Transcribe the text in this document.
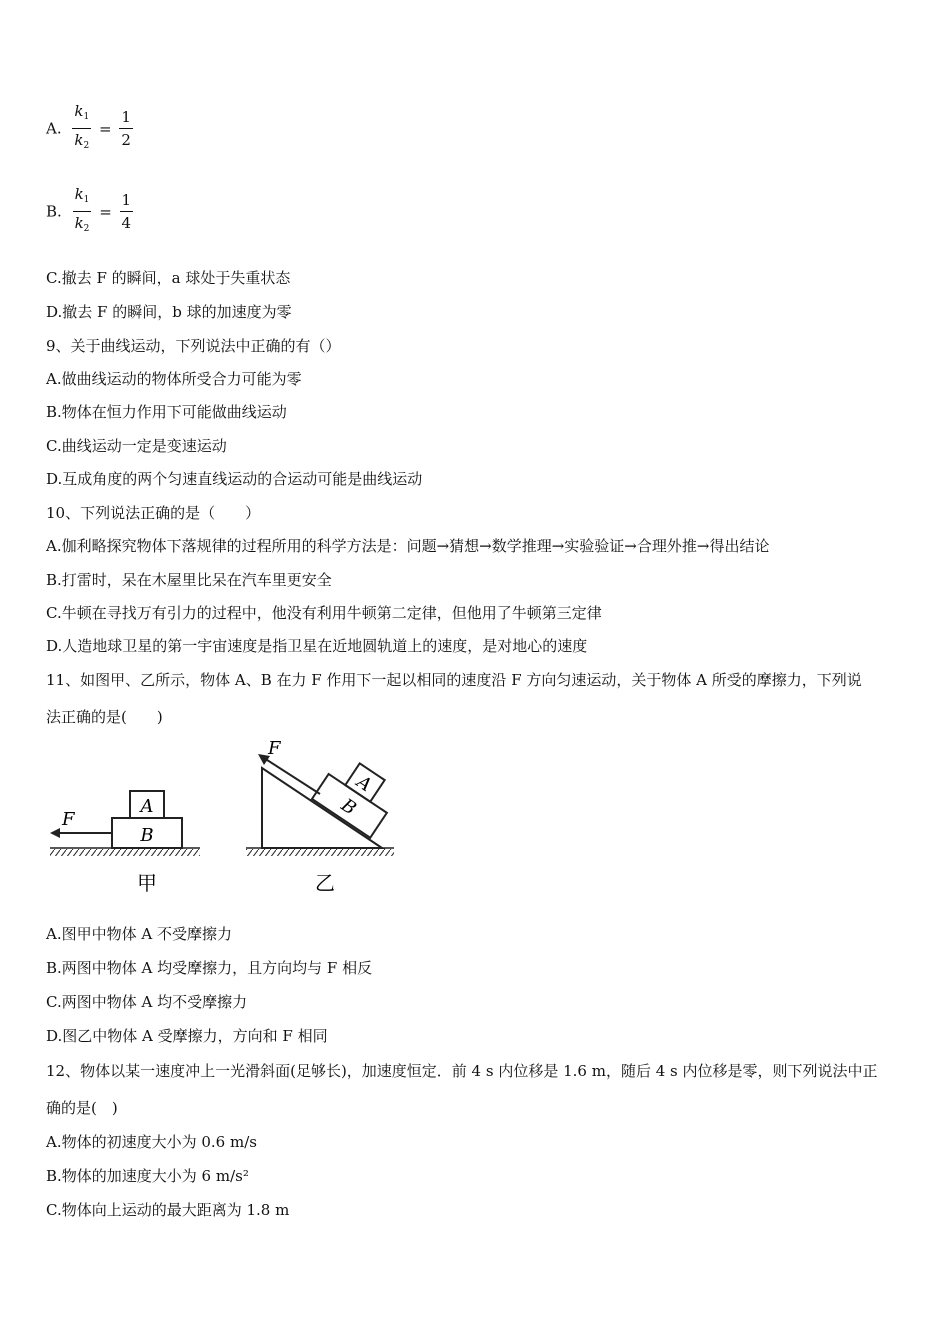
A. $\frac{k_1}{k_2} = \frac{1}{2}$
B. $\frac{k_1}{k_2} = \frac{1}{4}$
C.撤去 F 的瞬间，a 球处于失重状态
D.撤去 F 的瞬间，b 球的加速度为零
9、关于曲线运动，下列说法中正确的有（）
A.做曲线运动的物体所受合力可能为零
B.物体在恒力作用下可能做曲线运动
C.曲线运动一定是变速运动
D.互成角度的两个匀速直线运动的合运动可能是曲线运动
10、下列说法正确的是（　　）
A.伽利略探究物体下落规律的过程所用的科学方法是：问题→猜想→数学推理→实验验证→合理外推→得出结论
B.打雷时，呆在木屋里比呆在汽车里更安全
C.牛顿在寻找万有引力的过程中，他没有利用牛顿第二定律，但他用了牛顿第三定律
D.人造地球卫星的第一宇宙速度是指卫星在近地圆轨道上的速度，是对地心的速度
11、如图甲、乙所示，物体 A、B 在力 F 作用下一起以相同的速度沿 F 方向匀速运动，关于物体 A 所受的摩擦力，下列说
法正确的是(　　)
A
B
F
甲
B
A
F
乙
A.图甲中物体 A 不受摩擦力
B.两图中物体 A 均受摩擦力，且方向均与 F 相反
C.两图中物体 A 均不受摩擦力
D.图乙中物体 A 受摩擦力，方向和 F 相同
12、物体以某一速度冲上一光滑斜面(足够长)，加速度恒定．前 4 s 内位移是 1.6 m，随后 4 s 内位移是零，则下列说法中正
确的是(　)
A.物体的初速度大小为 0.6 m/s
B.物体的加速度大小为 6 m/s²
C.物体向上运动的最大距离为 1.8 m
